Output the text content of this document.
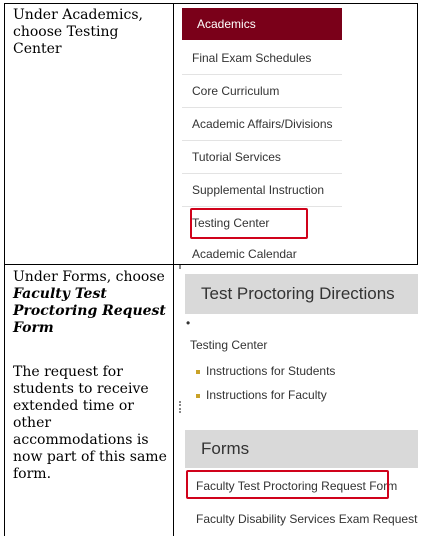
Under Academics, choose Testing Center
Academics
Final Exam Schedules
Core Curriculum
Academic Affairs/Divisions
Tutorial Services
Supplemental Instruction
Testing Center
Academic Calendar
Under Forms, choose Faculty Test Proctoring Request Form
The request for students to receive extended time or other accommodations is now part of this same form.
Test Proctoring Directions
•
Testing Center
Instructions for Students
Instructions for Faculty
Forms
Faculty Test Proctoring Request Form
Faculty Disability Services Exam Request
